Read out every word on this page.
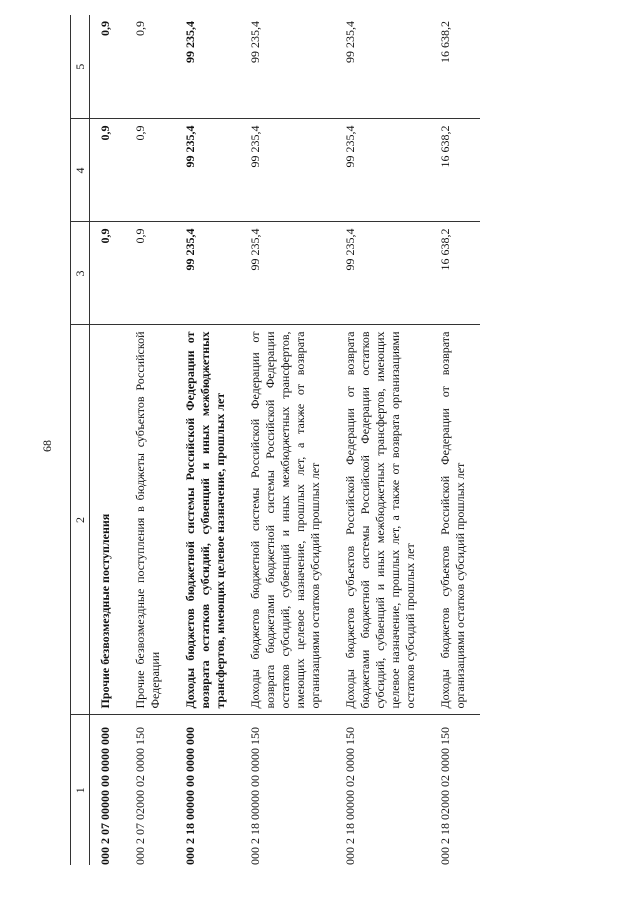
68
1	2	3	4	5
000 2 07 00000 00 0000 000	Прочие безвозмездные поступления	0,9	0,9	0,9
000 2 07 02000 02 0000 150	Прочие безвозмездные поступления в бюджеты субъектов Российской Федерации	0,9	0,9	0,9
000 2 18 00000 00 0000 000	Доходы бюджетов бюджетной системы Российской Федерации от возврата остатков субсидий, субвенций и иных межбюджетных трансфертов, имеющих целевое назначение, прошлых лет	99 235,4	99 235,4	99 235,4
000 2 18 00000 00 0000 150	Доходы бюджетов бюджетной системы Российской Федерации от возврата бюджетами бюджетной системы Российской Федерации остатков субсидий, субвенций и иных межбюджетных трансфертов, имеющих целевое назначение, прошлых лет, а также от возврата организациями остатков субсидий прошлых лет	99 235,4	99 235,4	99 235,4
000 2 18 00000 02 0000 150	Доходы бюджетов субъектов Российской Федерации от возврата бюджетами бюджетной системы Российской Федерации остатков субсидий, субвенций и иных межбюджетных трансфертов, имеющих целевое назначение, прошлых лет, а также от возврата организациями остатков субсидий прошлых лет	99 235,4	99 235,4	99 235,4
000 2 18 02000 02 0000 150	Доходы бюджетов субъектов Российской Федерации от возврата организациями остатков субсидий прошлых лет	16 638,2	16 638,2	16 638,2
